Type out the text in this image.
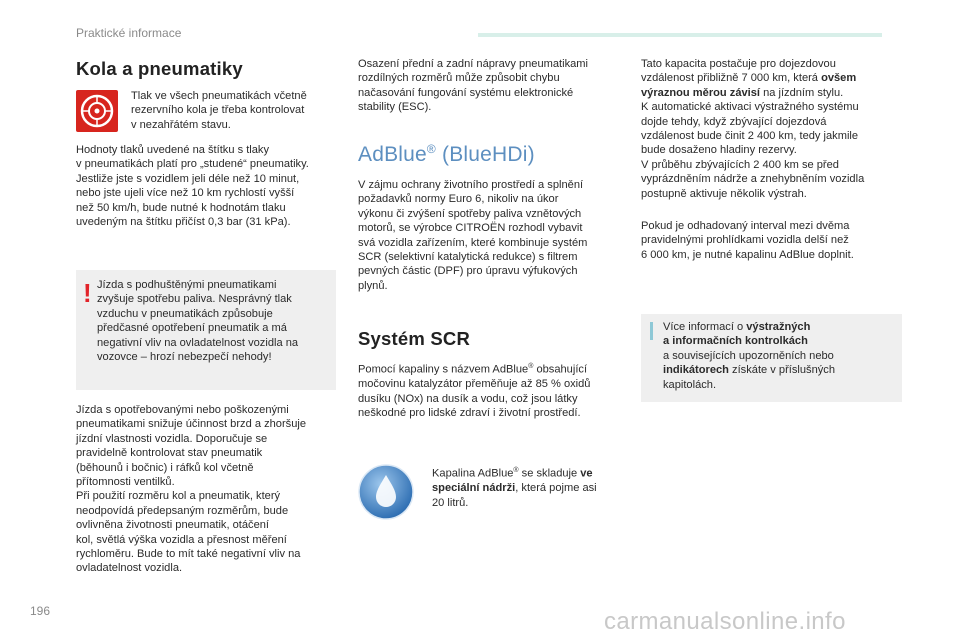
Praktické informace
Kola a pneumatiky

Tlak ve všech pneumatikách včetně

rezervního kola je třeba kontrolovat

v nezahřátém stavu.

Hodnoty tlaků uvedené na štítku s tlaky

v pneumatikách platí pro „studené“ pneumatiky.

Jestliže jste s vozidlem jeli déle než 10 minut,

nebo jste ujeli více než 10 km rychlostí vyšší

než 50 km/h, bude nutné k hodnotám tlaku

uvedeným na štítku přičíst 0,3 bar (31 kPa).

! Jízda s podhuštěnými pneumatikami

zvyšuje spotřebu paliva. Nesprávný tlak

vzduchu v pneumatikách způsobuje

předčasné opotřebení pneumatik a má

negativní vliv na ovladatelnost vozidla na

vozovce – hrozí nebezpečí nehody!

Jízda s opotřebovanými nebo poškozenými

pneumatikami snižuje účinnost brzd a zhoršuje

jízdní vlastnosti vozidla. Doporučuje se

pravidelně kontrolovat stav pneumatik

(běhounů i bočnic) i ráfků kol včetně

přítomnosti ventilků.

Při použití rozměru kol a pneumatik, který

neodpovídá předepsaným rozměrům, bude

ovlivněna životnosti pneumatik, otáčení

kol, světlá výška vozidla a přesnost měření

rychloměru. Bude to mít také negativní vliv na

ovladatelnost vozidla.

Osazení přední a zadní nápravy pneumatikami

rozdílných rozměrů může způsobit chybu

načasování fungování systému elektronické

stability (ESC).

AdBlue® (BlueHDi)

V zájmu ochrany životního prostředí a splnění

požadavků normy Euro 6, nikoliv na úkor

výkonu či zvýšení spotřeby paliva vznětových

motorů, se výrobce CITROËN rozhodl vybavit

svá vozidla zařízením, které kombinuje systém

SCR (selektivní katalytická redukce) s filtrem

pevných částic (DPF) pro úpravu výfukových

plynů.

Systém SCR

Pomocí kapaliny s názvem AdBlue® obsahující

močovinu katalyzátor přeměňuje až 85 % oxidů

dusíku (NOx) na dusík a vodu, což jsou látky

neškodné pro lidské zdraví i životní prostředí.

Kapalina AdBlue® se skladuje ve

speciální nádrži, která pojme asi

20 litrů.

Tato kapacita postačuje pro dojezdovou

vzdálenost přibližně 7 000 km, která ovšem

výraznou měrou závisí na jízdním stylu.

K automatické aktivaci výstražného systému

dojde tehdy, když zbývající dojezdová

vzdálenost bude činit 2 400 km, tedy jakmile

bude dosaženo hladiny rezervy.

V průběhu zbývajících 2 400 km se před

vyprázdněním nádrže a znehybněním vozidla

postupně aktivuje několik výstrah.

Pokud je odhadovaný interval mezi dvěma

pravidelnými prohlídkami vozidla delší než

6 000 km, je nutné kapalinu AdBlue doplnit.

Více informací o výstražných

a informačních kontrolkách

a souvisejících upozorněních nebo

indikátorech získáte v příslušných

kapitolách.

196	carmanualsonline.info
